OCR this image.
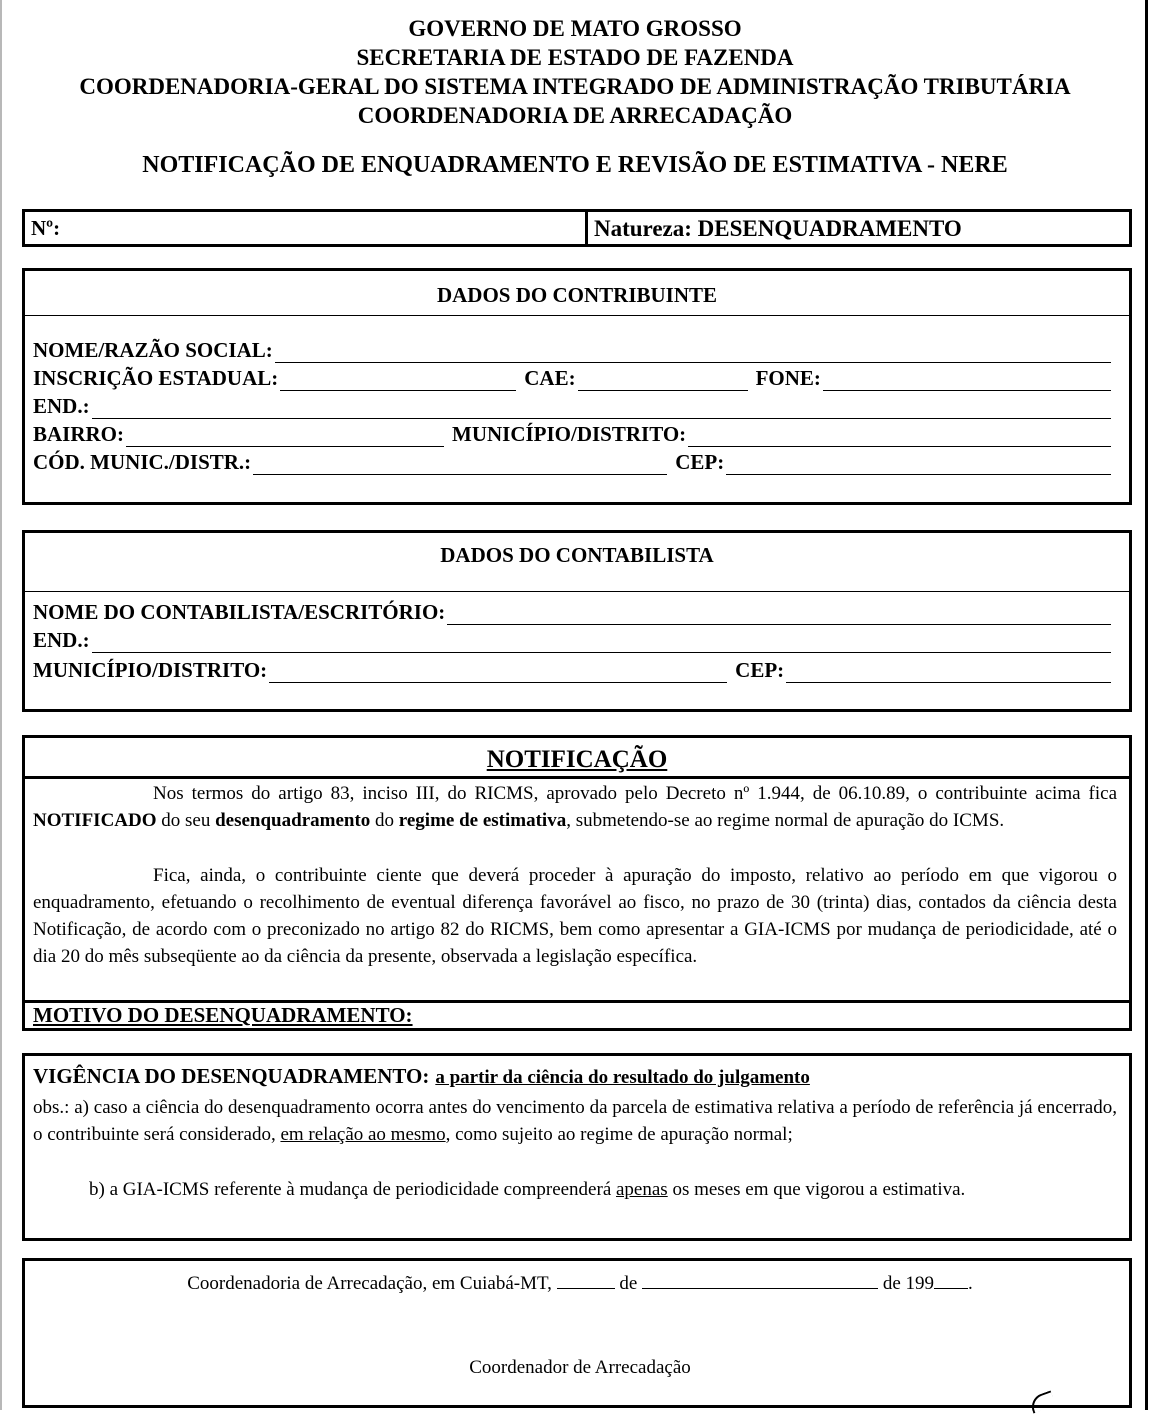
GOVERNO DE MATO GROSSO
SECRETARIA DE ESTADO DE FAZENDA
COORDENADORIA-GERAL DO SISTEMA INTEGRADO DE ADMINISTRAÇÃO TRIBUTÁRIA
COORDENADORIA DE ARRECADAÇÃO
NOTIFICAÇÃO DE ENQUADRAMENTO E REVISÃO DE ESTIMATIVA - NERE
Nº:	Natureza: DESENQUADRAMENTO
DADOS DO CONTRIBUINTE
NOME/RAZÃO SOCIAL:
INSCRIÇÃO ESTADUAL:	CAE:	FONE:
END.:
BAIRRO:	MUNICÍPIO/DISTRITO:
CÓD. MUNIC./DISTR.:	CEP:
DADOS DO CONTABILISTA
NOME DO CONTABILISTA/ESCRITÓRIO:
END.:
MUNICÍPIO/DISTRITO:	CEP:
NOTIFICAÇÃO
Nos termos do artigo 83, inciso III, do RICMS, aprovado pelo Decreto nº 1.944, de 06.10.89, o contribuinte acima fica NOTIFICADO do seu desenquadramento do regime de estimativa, submetendo-se ao regime normal de apuração do ICMS.
Fica, ainda, o contribuinte ciente que deverá proceder à apuração do imposto, relativo ao período em que vigorou o enquadramento, efetuando o recolhimento de eventual diferença favorável ao fisco, no prazo de 30 (trinta) dias, contados da ciência desta Notificação, de acordo com o preconizado no artigo 82 do RICMS, bem como apresentar a GIA-ICMS por mudança de periodicidade, até o dia 20 do mês subseqüente ao da ciência da presente, observada a legislação específica.
MOTIVO DO DESENQUADRAMENTO:
VIGÊNCIA DO DESENQUADRAMENTO: a partir da ciência do resultado do julgamento
obs.: a) caso a ciência do desenquadramento ocorra antes do vencimento da parcela de estimativa relativa a período de referência já encerrado, o contribuinte será considerado, em relação ao mesmo, como sujeito ao regime de apuração normal;
b) a GIA-ICMS referente à mudança de periodicidade compreenderá apenas os meses em que vigorou a estimativa.
Coordenadoria de Arrecadação, em Cuiabá-MT,	de	de 199 .
Coordenador de Arrecadação
